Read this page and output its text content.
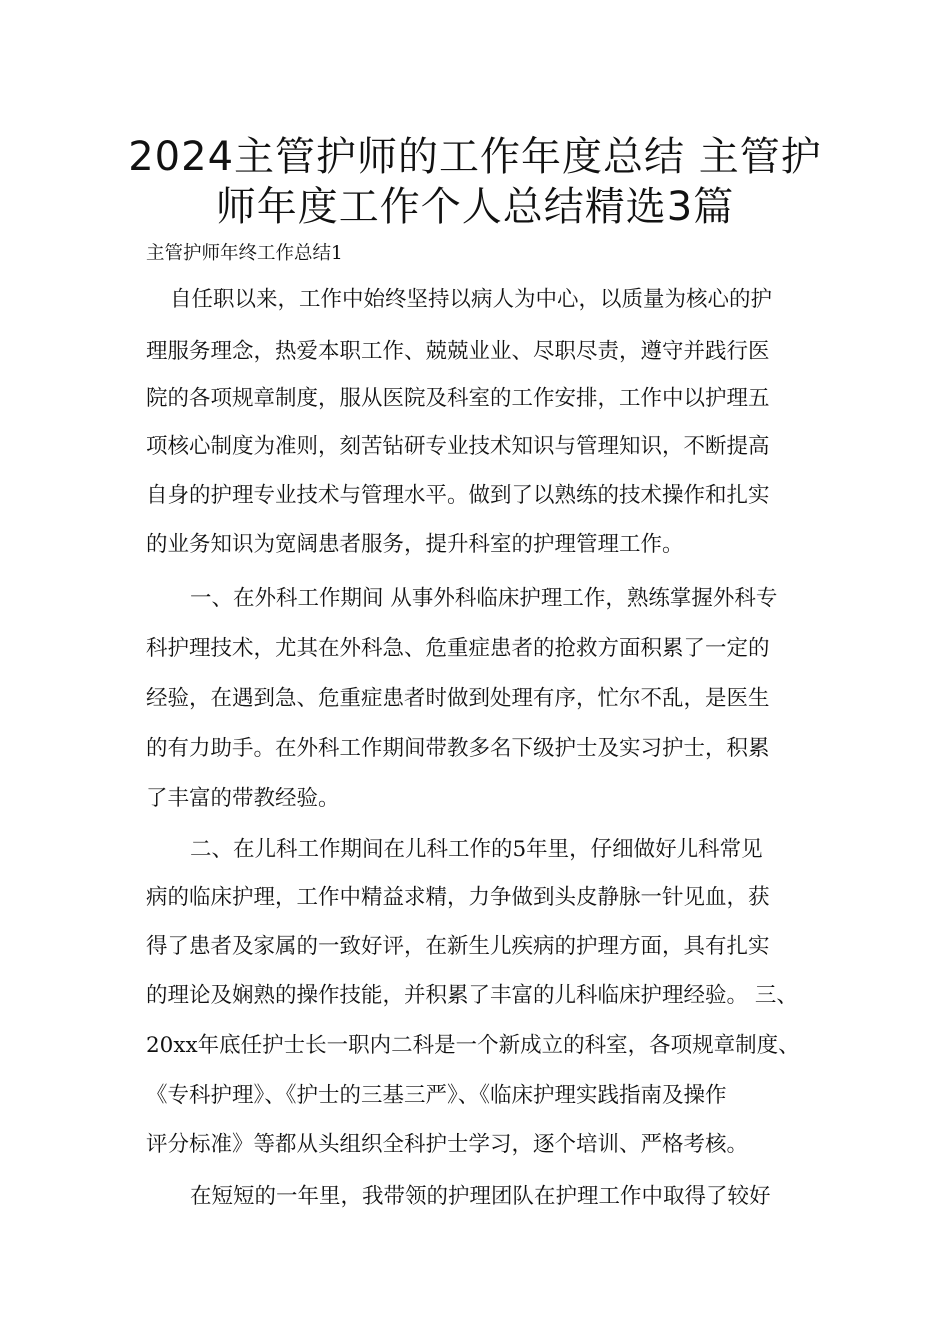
2024主管护师的工作年度总结 主管护
师年度工作个人总结精选3篇
主管护师年终工作总结1
自任职以来，工作中始终坚持以病人为中心，以质量为核心的护
理服务理念，热爱本职工作、兢兢业业、尽职尽责，遵守并践行医
院的各项规章制度，服从医院及科室的工作安排，工作中以护理五
项核心制度为准则，刻苦钻研专业技术知识与管理知识，不断提高
自身的护理专业技术与管理水平。做到了以熟练的技术操作和扎实
的业务知识为宽阔患者服务，提升科室的护理管理工作。
一、在外科工作期间 从事外科临床护理工作，熟练掌握外科专
科护理技术，尤其在外科急、危重症患者的抢救方面积累了一定的
经验，在遇到急、危重症患者时做到处理有序，忙尔不乱，是医生
的有力助手。在外科工作期间带教多名下级护士及实习护士，积累
了丰富的带教经验。
二、在儿科工作期间在儿科工作的5年里，仔细做好儿科常见
病的临床护理，工作中精益求精，力争做到头皮静脉一针见血，获
得了患者及家属的一致好评，在新生儿疾病的护理方面，具有扎实
的理论及娴熟的操作技能，并积累了丰富的儿科临床护理经验。 三、
20xx年底任护士长一职内二科是一个新成立的科室，各项规章制度、
《专科护理》、《护士的三基三严》、《临床护理实践指南及操作
评分标准》等都从头组织全科护士学习，逐个培训、严格考核。
在短短的一年里，我带领的护理团队在护理工作中取得了较好
